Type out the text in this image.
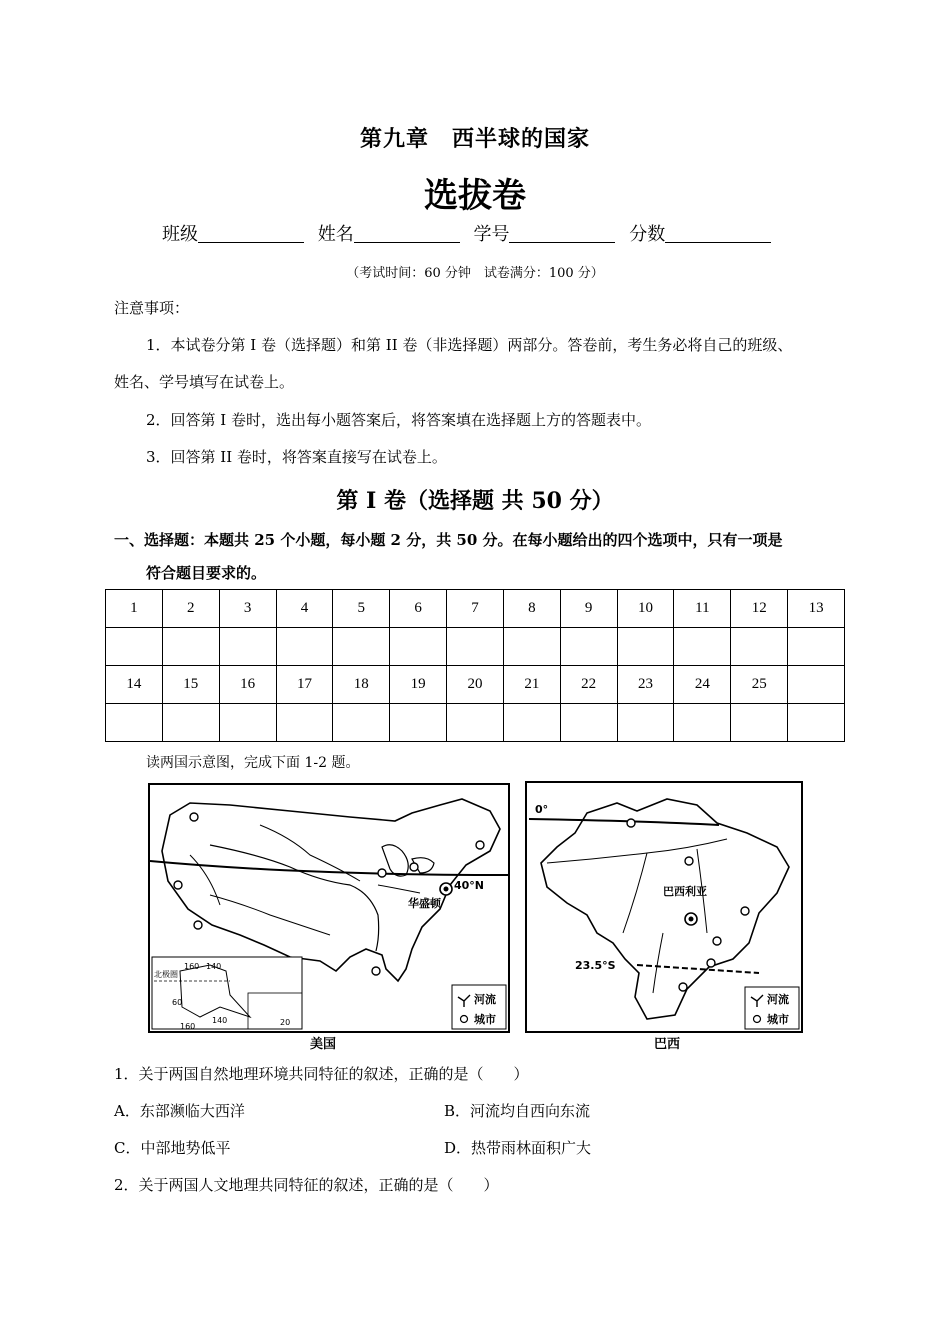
第九章　西半球的国家
选拔卷
班级	姓名	学号	分数
（考试时间：60 分钟　试卷满分：100 分）
注意事项：
1．本试卷分第 I 卷（选择题）和第 II 卷（非选择题）两部分。答卷前，考生务必将自己的班级、
姓名、学号填写在试卷上。
2．回答第 I 卷时，选出每小题答案后，将答案填在选择题上方的答题表中。
3．回答第 II 卷时，将答案直接写在试卷上。
第 I 卷（选择题 共 50 分）
一、选择题：本题共 25 个小题，每小题 2 分，共 50 分。在每小题给出的四个选项中，只有一项是
符合题目要求的。
1	2	3	4	5	6	7	8	9	10	11	12	13

14	15	16	17	18	19	20	21	22	23	24	25	

读两国示意图，完成下面 1-2 题。
40°N
华盛顿
北极圈
160 140
60
140
160	20
河流
城市
美国
0°
23.5°S
巴西利亚
河流
城市
巴西
1．关于两国自然地理环境共同特征的叙述，正确的是（　　）
A．东部濒临大西洋	B．河流均自西向东流
C．中部地势低平	D．热带雨林面积广大
2．关于两国人文地理共同特征的叙述，正确的是（　　）
